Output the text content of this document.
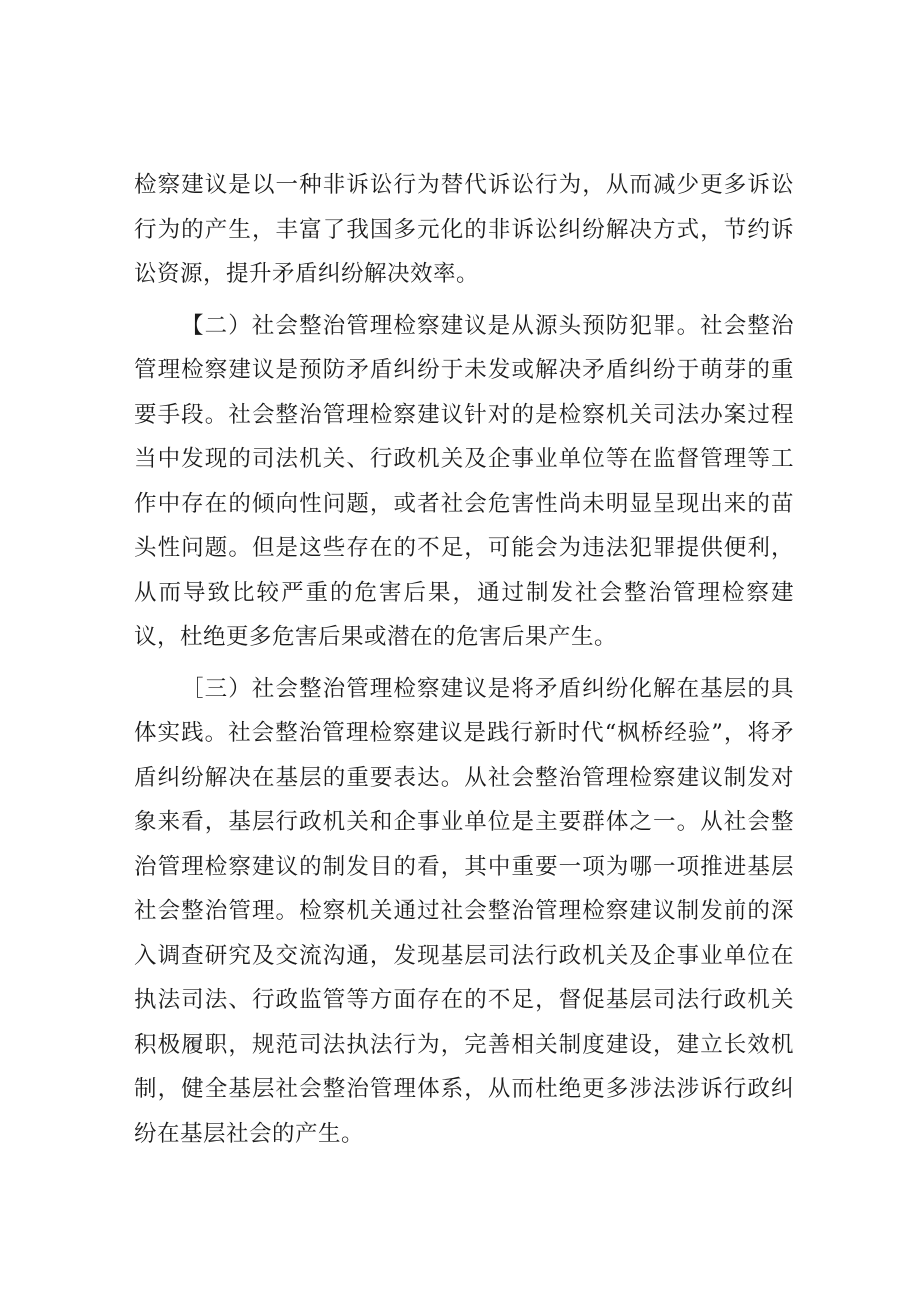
检察建议是以一种非诉讼行为替代诉讼行为，从而减少更多诉讼行为的产生，丰富了我国多元化的非诉讼纠纷解决方式，节约诉讼资源，提升矛盾纠纷解决效率。

【二）社会整治管理检察建议是从源头预防犯罪。社会整治管理检察建议是预防矛盾纠纷于未发或解决矛盾纠纷于萌芽的重要手段。社会整治管理检察建议针对的是检察机关司法办案过程当中发现的司法机关、行政机关及企事业单位等在监督管理等工作中存在的倾向性问题，或者社会危害性尚未明显呈现出来的苗头性问题。但是这些存在的不足，可能会为违法犯罪提供便利，从而导致比较严重的危害后果，通过制发社会整治管理检察建议，杜绝更多危害后果或潜在的危害后果产生。

［三）社会整治管理检察建议是将矛盾纠纷化解在基层的具体实践。社会整治管理检察建议是践行新时代“枫桥经验”，将矛盾纠纷解决在基层的重要表达。从社会整治管理检察建议制发对象来看，基层行政机关和企事业单位是主要群体之一。从社会整治管理检察建议的制发目的看，其中重要一项为哪一项推进基层社会整治管理。检察机关通过社会整治管理检察建议制发前的深入调查研究及交流沟通，发现基层司法行政机关及企事业单位在执法司法、行政监管等方面存在的不足，督促基层司法行政机关积极履职，规范司法执法行为，完善相关制度建设，建立长效机制，健全基层社会整治管理体系，从而杜绝更多涉法涉诉行政纠纷在基层社会的产生。
